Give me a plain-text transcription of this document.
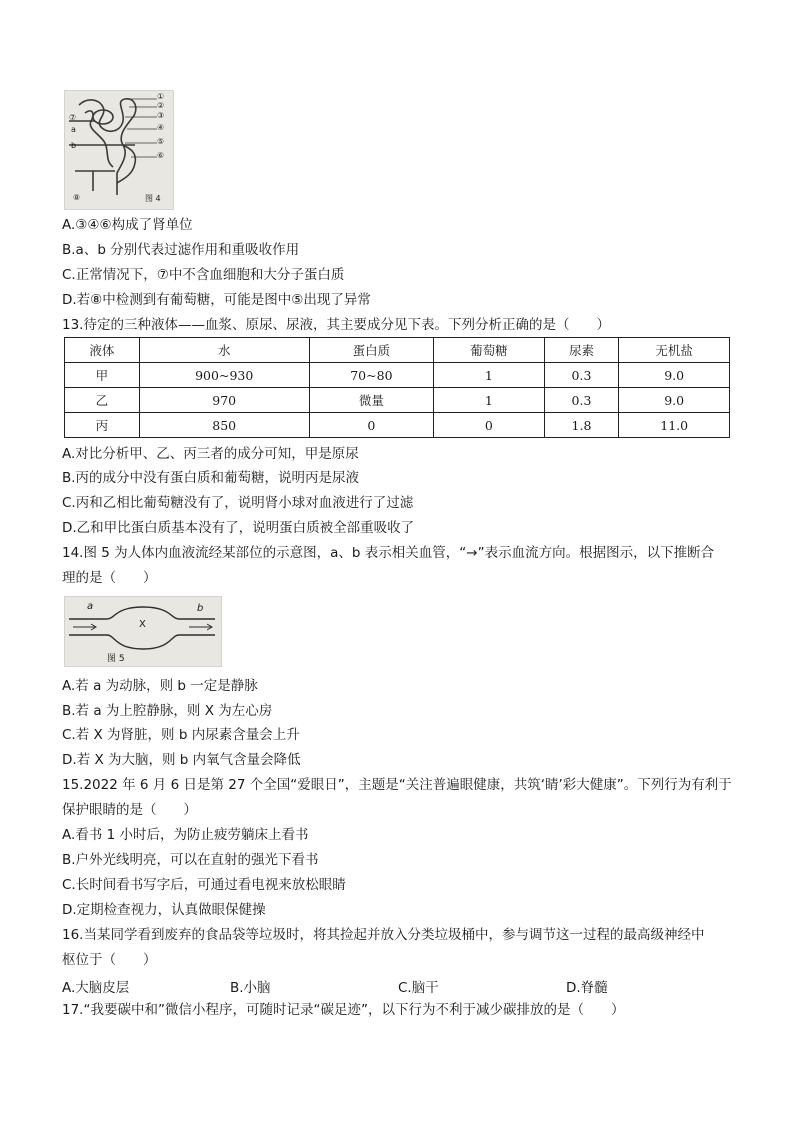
①
②
③
④
⑤
⑥
⑦
a
b
⑧	图 4
A.③④⑥构成了肾单位
B.a、b 分别代表过滤作用和重吸收作用
C.正常情况下，⑦中不含血细胞和大分子蛋白质
D.若⑧中检测到有葡萄糖，可能是图中⑤出现了异常
13.待定的三种液体——血浆、原尿、尿液，其主要成分见下表。下列分析正确的是（　　）
液体	水	蛋白质	葡萄糖	尿素	无机盐
甲	900~930	70~80	1	0.3	9.0
乙	970	微量	1	0.3	9.0
丙	850	0	0	1.8	11.0
A.对比分析甲、乙、丙三者的成分可知，甲是原尿
B.丙的成分中没有蛋白质和葡萄糖，说明丙是尿液
C.丙和乙相比葡萄糖没有了，说明肾小球对血液进行了过滤
D.乙和甲比蛋白质基本没有了，说明蛋白质被全部重吸收了
14.图 5 为人体内血液流经某部位的示意图，a、b 表示相关血管，“→”表示血流方向。根据图示，以下推断合
理的是（　　）
a	b
X
图 5
A.若 a 为动脉，则 b 一定是静脉
B.若 a 为上腔静脉，则 X 为左心房
C.若 X 为肾脏，则 b 内尿素含量会上升
D.若 X 为大脑，则 b 内氧气含量会降低
15.2022 年 6 月 6 日是第 27 个全国“爱眼日”，主题是“关注普遍眼健康，共筑‘睛’彩大健康”。下列行为有利于
保护眼睛的是（　　）
A.看书 1 小时后，为防止疲劳躺床上看书
B.户外光线明亮，可以在直射的强光下看书
C.长时间看书写字后，可通过看电视来放松眼睛
D.定期检查视力，认真做眼保健操
16.当某同学看到废弃的食品袋等垃圾时，将其捡起并放入分类垃圾桶中，参与调节这一过程的最高级神经中
枢位于（　　）
A.大脑皮层	B.小脑	C.脑干	D.脊髓
17.“我要碳中和”微信小程序，可随时记录“碳足迹”，以下行为不利于减少碳排放的是（　　）
